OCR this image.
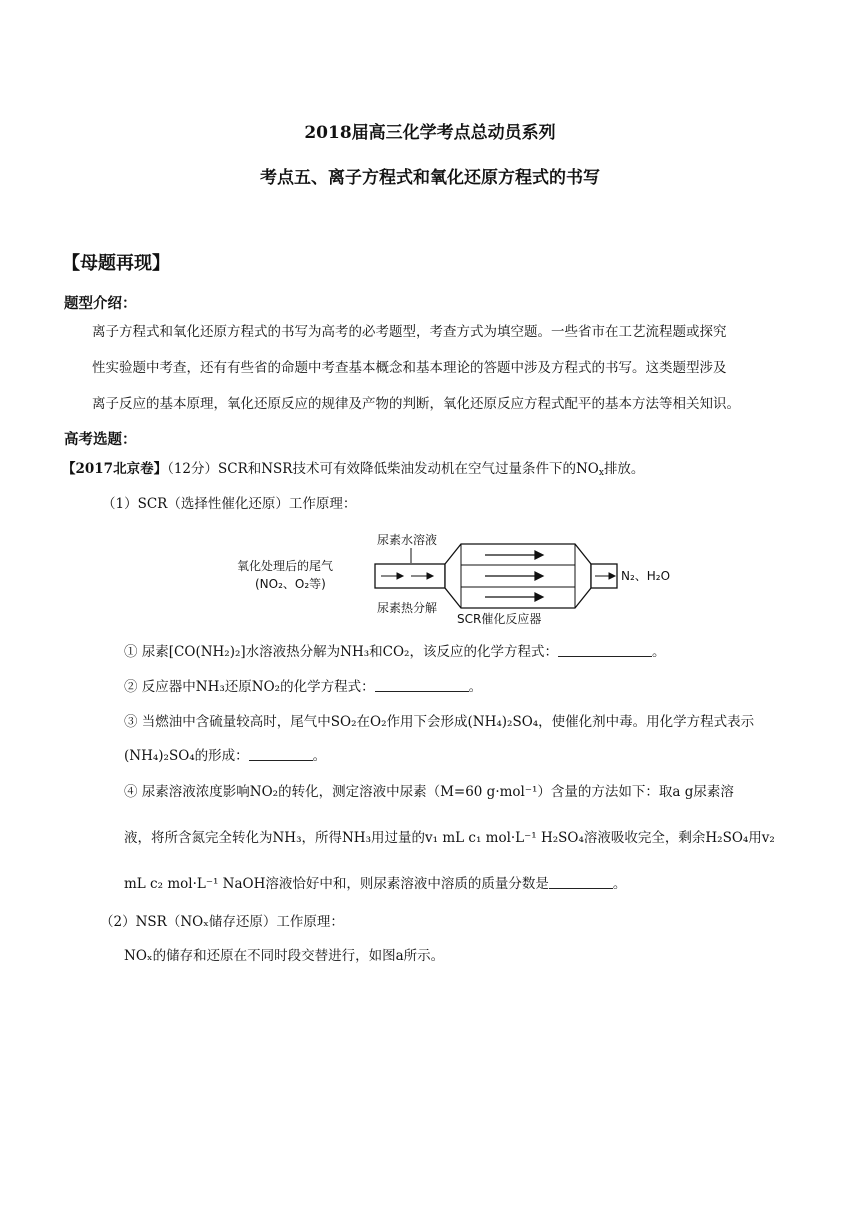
2018届高三化学考点总动员系列
考点五、离子方程式和氧化还原方程式的书写
【母题再现】
题型介绍：
离子方程式和氧化还原方程式的书写为高考的必考题型，考查方式为填空题。一些省市在工艺流程题或探究
性实验题中考查，还有有些省的命题中考查基本概念和基本理论的答题中涉及方程式的书写。这类题型涉及
离子反应的基本原理，氧化还原反应的规律及产物的判断，氧化还原反应方程式配平的基本方法等相关知识。
高考选题：
【2017北京卷】（12分）SCR和NSR技术可有效降低柴油发动机在空气过量条件下的$NO_x$排放。
（1）SCR（选择性催化还原）工作原理：
氧化处理后的尾气
(NO₂、O₂等)
尿素水溶液
尿素热分解
SCR催化反应器
N₂、H₂O
① 尿素[CO(NH₂)₂]水溶液热分解为NH₃和CO₂，该反应的化学方程式：	。
② 反应器中NH₃还原NO₂的化学方程式：	。
③ 当燃油中含硫量较高时，尾气中SO₂在O₂作用下会形成(NH₄)₂SO₄，使催化剂中毒。用化学方程式表示
(NH₄)₂SO₄的形成：	。
④ 尿素溶液浓度影响NO₂的转化，测定溶液中尿素（M=60 g·mol⁻¹）含量的方法如下：取a g尿素溶
液，将所含氮完全转化为NH₃，所得NH₃用过量的v₁ mL c₁ mol·L⁻¹ H₂SO₄溶液吸收完全，剩余H₂SO₄用v₂
mL c₂ mol·L⁻¹ NaOH溶液恰好中和，则尿素溶液中溶质的质量分数是	。
（2）NSR（NOₓ储存还原）工作原理：
NOₓ的储存和还原在不同时段交替进行，如图a所示。
